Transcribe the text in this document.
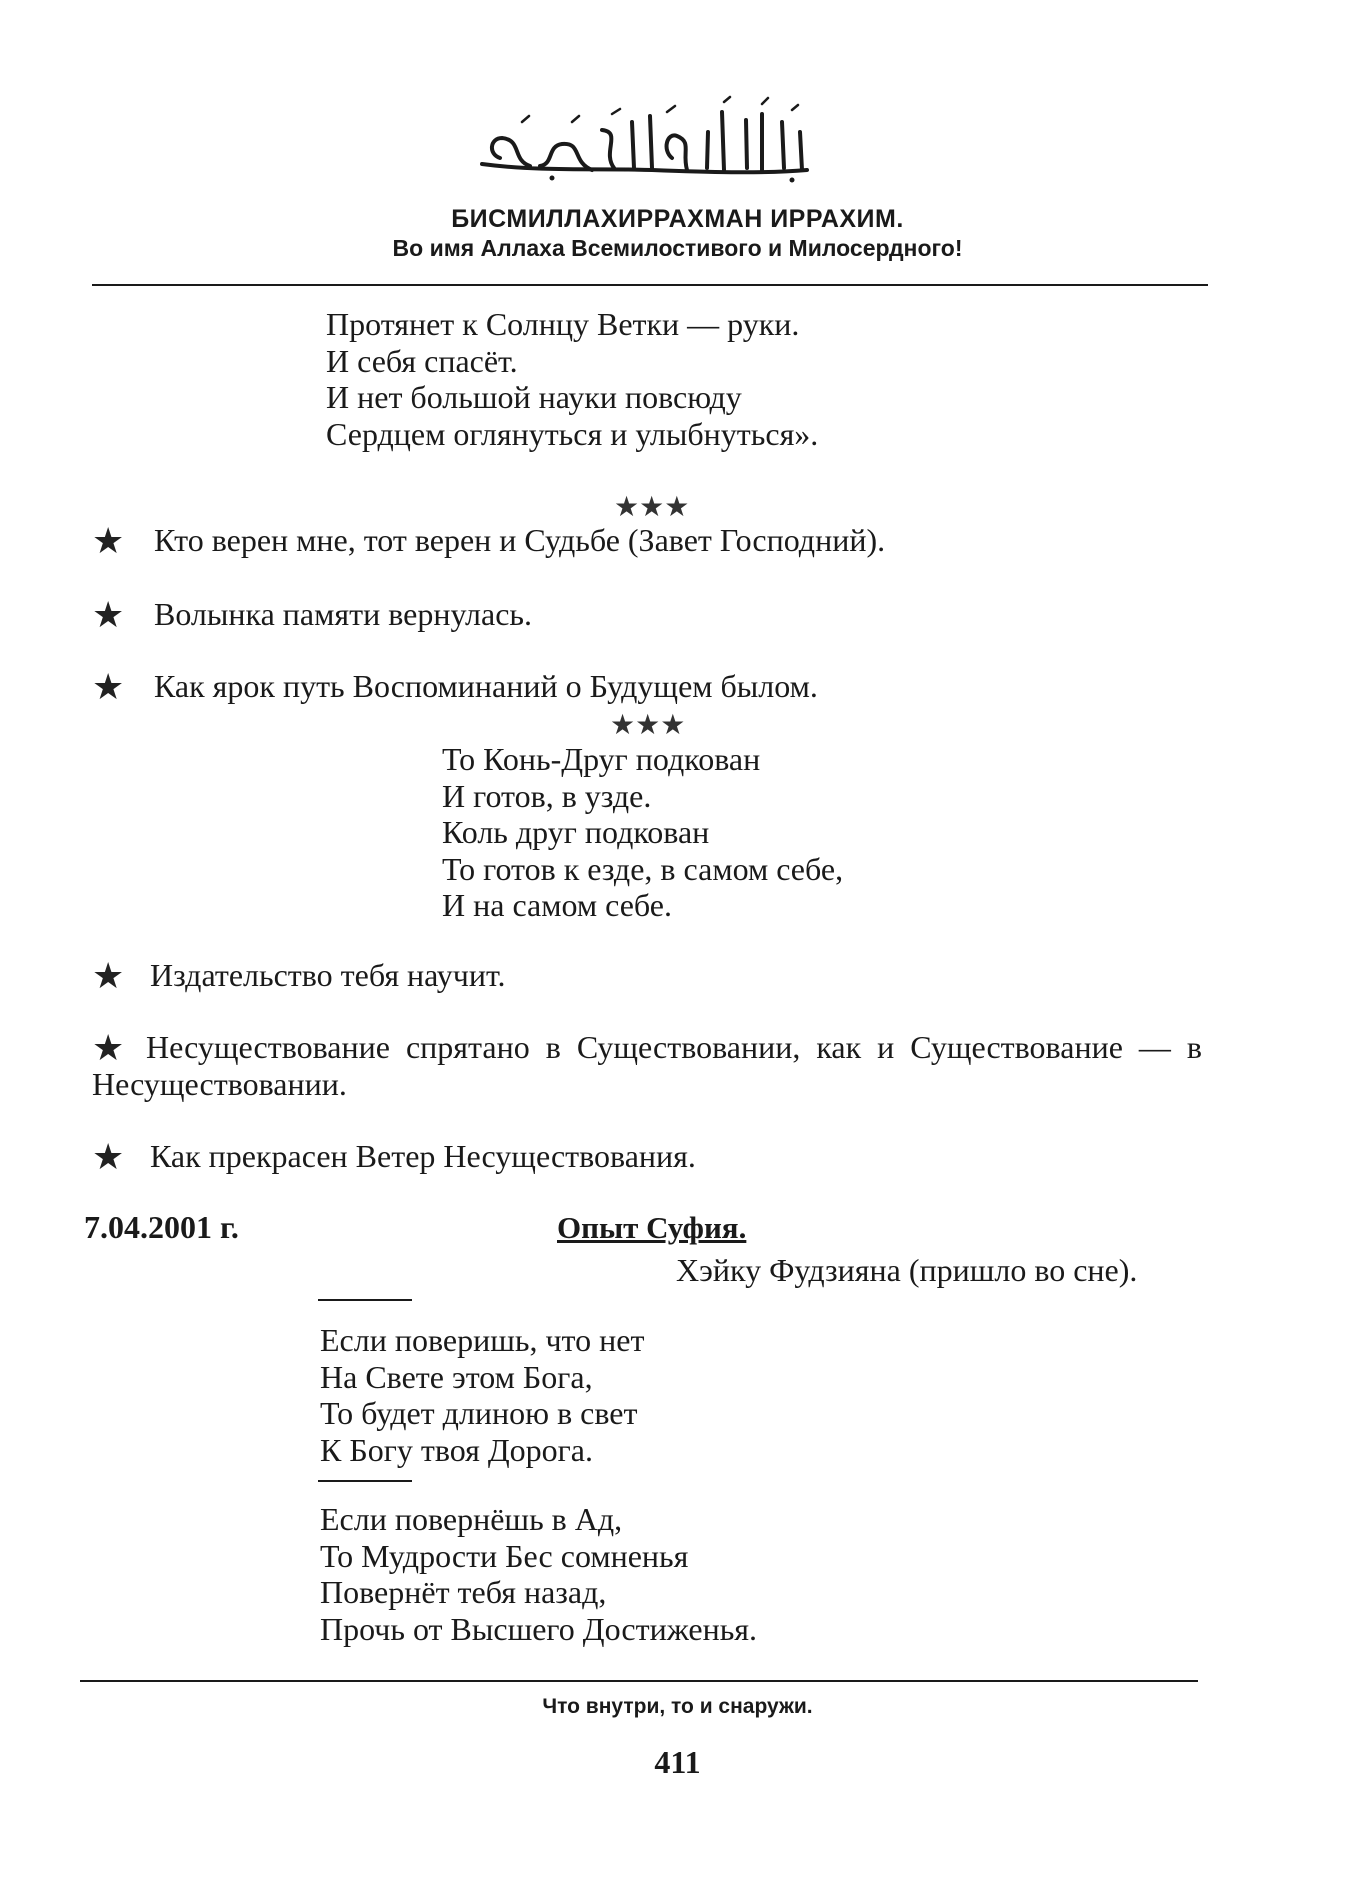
БИСМИЛЛАХИРРАХМАН ИРРАХИМ.
Во имя Аллаха Всемилостивого и Милосердного!
Протянет к Солнцу Ветки — руки.
И себя спасёт.
И нет большой науки повсюду
Сердцем оглянуться и улыбнуться».
★★★
★ Кто верен мне, тот верен и Судьбе (Завет Господний).
★ Волынка памяти вернулась.
★ Как ярок путь Воспоминаний о Будущем былом.
★★★
То Конь-Друг подкован
И готов, в узде.
Коль друг подкован
То готов к езде, в самом себе,
И на самом себе.
★ Издательство тебя научит.
★ Несуществование спрятано в Существовании, как и Существование — в Несуществовании.
★ Как прекрасен Ветер Несуществования.
7.04.2001 г.	Опыт Суфия.
Хэйку Фудзияна (пришло во сне).
Если поверишь, что нет
На Свете этом Бога,
То будет длиною в свет
К Богу твоя Дорога.
Если повернёшь в Ад,
То Мудрости Бес сомненья
Повернёт тебя назад,
Прочь от Высшего Достиженья.
Что внутри, то и снаружи.
411
